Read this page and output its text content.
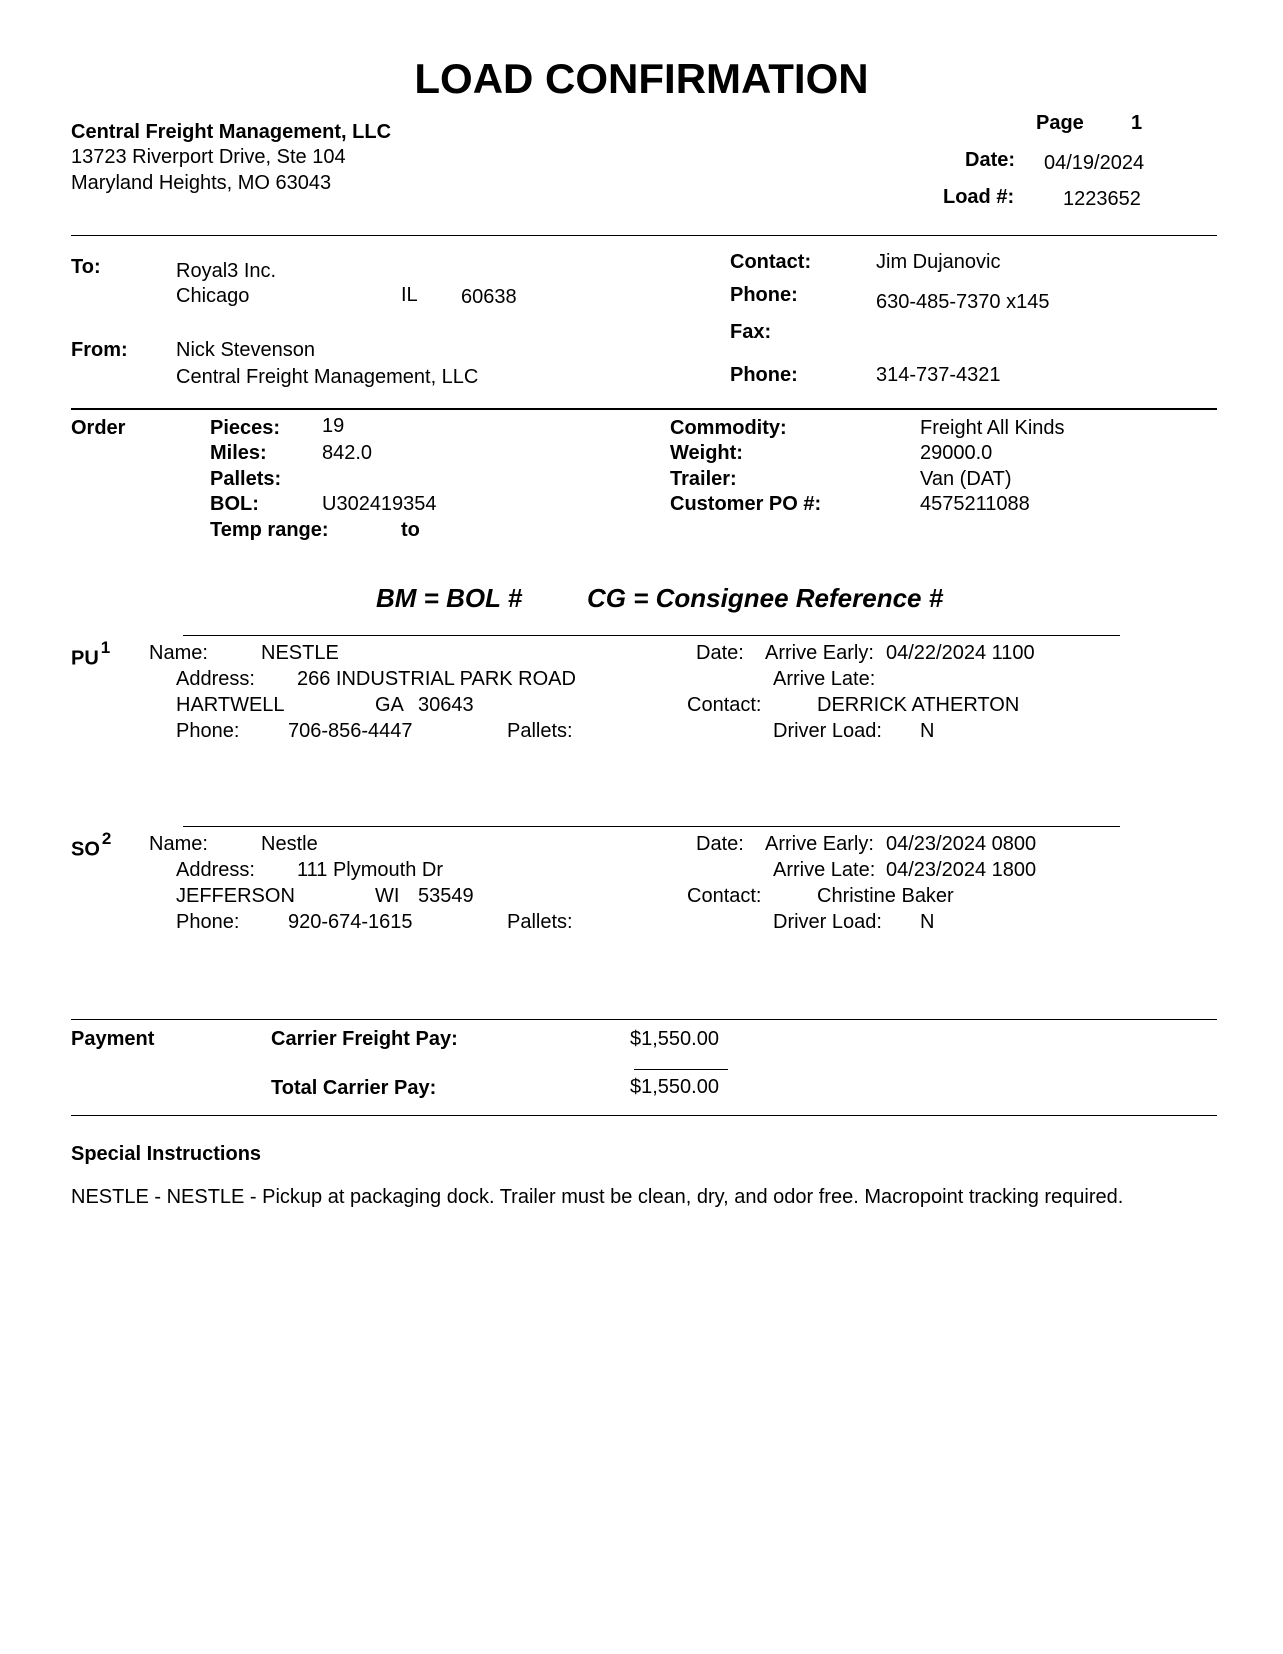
LOAD CONFIRMATION
Central Freight Management, LLC
13723 Riverport Drive, Ste 104
Maryland Heights, MO 63043
Page 1
Date: 04/19/2024
Load #: 1223652
To:	Royal3 Inc.
Chicago	IL 60638
From: Nick Stevenson
Central Freight Management, LLC
Contact:	Jim Dujanovic
Phone:	630-485-7370 x145
Fax:
Phone:	314-737-4321
Order	Pieces: 19
Miles:	842.0
Pallets:
BOL:	U302419354
Temp range:	to
Commodity:	Freight All Kinds
Weight:	29000.0
Trailer:	Van (DAT)
Customer PO #:	4575211088
BM = BOL # CG = Consignee Reference #
$PU^1$ Name:	NESTLE
Address: 266 INDUSTRIAL PARK ROAD
HARTWELL	GA 30643
Phone: 706-856-4447	Pallets:
Date: Arrive Early: 04/22/2024 1100
Arrive Late:
Contact:	DERRICK ATHERTON
Driver Load: N
$SO^2$ Name:	Nestle
Address: 111 Plymouth Dr
JEFFERSON	WI 53549
Phone: 920-674-1615	Pallets:
Date: Arrive Early: 04/23/2024 0800
Arrive Late: 04/23/2024 1800
Contact:	Christine Baker
Driver Load: N
Payment	Carrier Freight Pay:	$1,550.00
Total Carrier Pay:	$1,550.00
Special Instructions
NESTLE - NESTLE - Pickup at packaging dock. Trailer must be clean, dry, and odor free. Macropoint tracking required.
